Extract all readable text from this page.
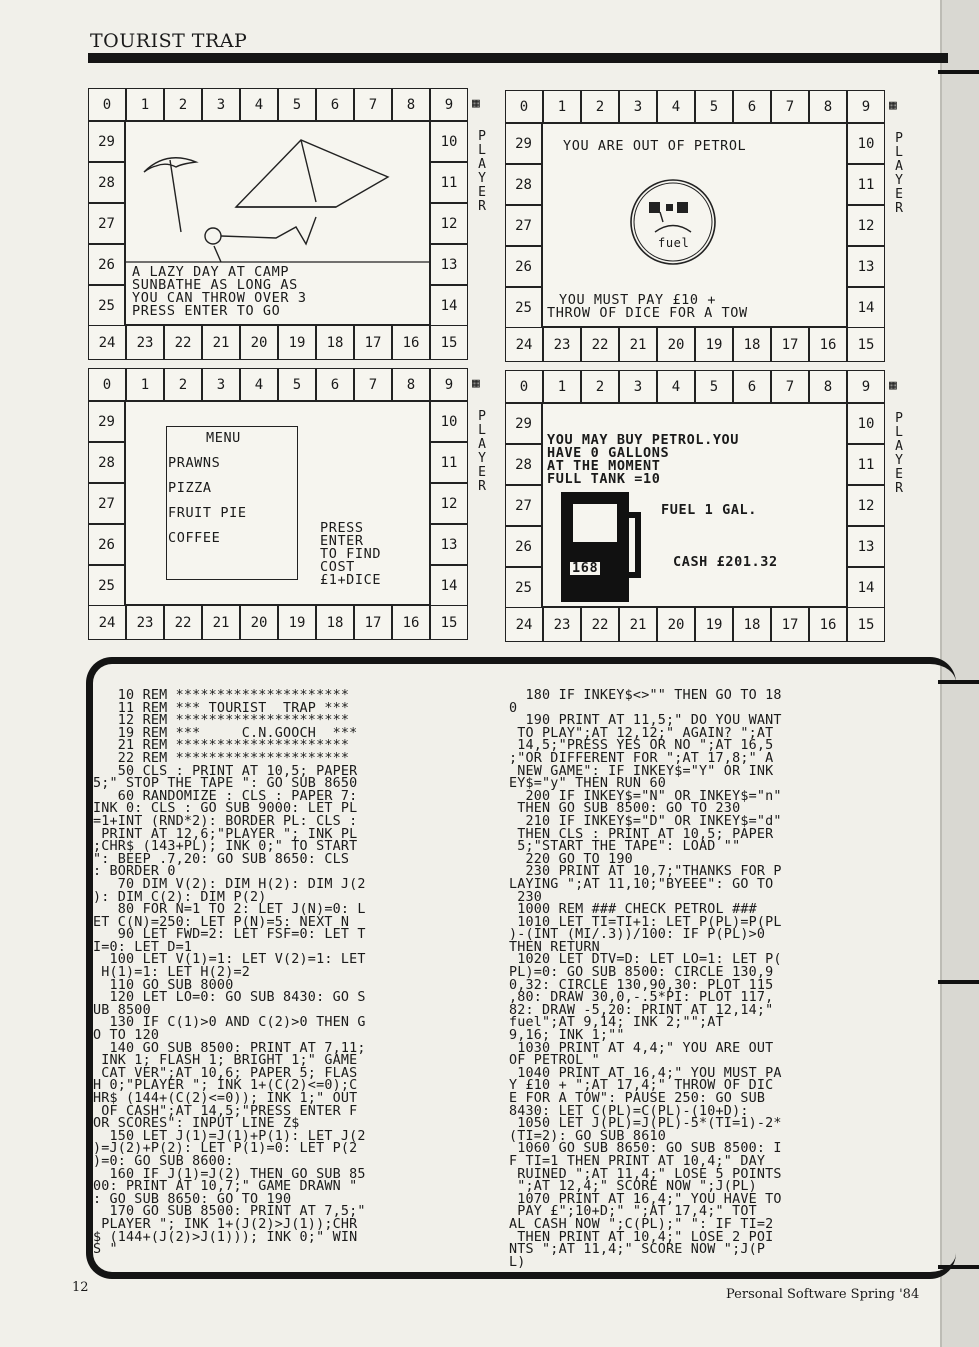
TOURIST TRAP
A LAZY DAY AT CAMP
SUNBATHE AS LONG AS
YOU CAN THROW OVER 3
PRESS ENTER TO GO
0	1	2	3	4	5	6	7	8	9	▦
10
11
12
13
14
24	23	22	21	20	19	18	17	16	15
29
28
27
26
25
P
L
A
Y
E
R
YOU ARE OUT OF PETROL
fuel
YOU MUST PAY £10 +
THROW OF DICE FOR A TOW
0	1	2	3	4	5	6	7	8	9	▦
10
11
12
13
14
24	23	22	21	20	19	18	17	16	15
29
28
27
26
25
P
L
A
Y
E
R
MENU
PRAWNS
PIZZA
FRUIT PIE
COFFEE
PRESS
ENTER
TO FIND
COST
£1+DICE
0	1	2	3	4	5	6	7	8	9	▦
10
11
12
13
14
24	23	22	21	20	19	18	17	16	15
29
28
27
26
25
P
L
A
Y
E
R
YOU MAY BUY PETROL.YOU
HAVE 0 GALLONS
AT THE MOMENT
FULL TANK =10
168
FUEL 1 GAL.
CASH £201.32
0	1	2	3	4	5	6	7	8	9	▦
10
11
12
13
14
24	23	22	21	20	19	18	17	16	15
29
28
27
26
25
P
L
A
Y
E
R
10 REM *********************
11 REM *** TOURIST  TRAP ***
12 REM *********************
19 REM ***     C.N.GOOCH  ***
21 REM *********************
22 REM *********************
50 CLS : PRINT AT 10,5; PAPER
5;" STOP THE TAPE ": GO SUB 8650
60 RANDOMIZE : CLS : PAPER 7:
INK 0: CLS : GO SUB 9000: LET PL
=1+INT (RND*2): BORDER PL: CLS :
PRINT AT 12,6;"PLAYER "; INK PL
;CHR$ (143+PL); INK 0;" TO START
": BEEP .7,20: GO SUB 8650: CLS
: BORDER 0
70 DIM V(2): DIM H(2): DIM J(2
): DIM C(2): DIM P(2)
80 FOR N=1 TO 2: LET J(N)=0: L
ET C(N)=250: LET P(N)=5: NEXT N
90 LET FWD=2: LET FSF=0: LET T
I=0: LET D=1
100 LET V(1)=1: LET V(2)=1: LET
H(1)=1: LET H(2)=2
110 GO SUB 8000
120 LET LO=0: GO SUB 8430: GO S
UB 8500
130 IF C(1)>0 AND C(2)>0 THEN G
O TO 120
140 GO SUB 8500: PRINT AT 7,11;
INK 1; FLASH 1; BRIGHT 1;" GAME
CAT VER";AT 10,6; PAPER 5; FLAS
H 0;"PLAYER "; INK 1+(C(2)<=0);C
HR$ (144+(C(2)<=0)); INK 1;" OUT
OF CASH";AT 14,5;"PRESS ENTER F
OR SCORES": INPUT LINE Z$
150 LET J(1)=J(1)+P(1): LET J(2
)=J(2)+P(2): LET P(1)=0: LET P(2
)=0: GO SUB 8600:
160 IF J(1)=J(2) THEN GO SUB 85
00: PRINT AT 10,7;" GAME DRAWN "
: GO SUB 8650: GO TO 190
170 GO SUB 8500: PRINT AT 7,5;"
PLAYER "; INK 1+(J(2)>J(1));CHR
$ (144+(J(2)>J(1))); INK 0;" WIN
S "
180 IF INKEY$<>"" THEN GO TO 18
0
190 PRINT AT 11,5;" DO YOU WANT
TO PLAY";AT 12,12;" AGAIN? ";AT
14,5;"PRESS YES OR NO ";AT 16,5
;"OR DIFFERENT FOR ";AT 17,8;" A
NEW GAME": IF INKEY$="Y" OR INK
EY$="y" THEN RUN 60
200 IF INKEY$="N" OR INKEY$="n"
THEN GO SUB 8500: GO TO 230
210 IF INKEY$="D" OR INKEY$="d"
THEN CLS : PRINT AT 10,5; PAPER
5;"START THE TAPE": LOAD ""
220 GO TO 190
230 PRINT AT 10,7;"THANKS FOR P
LAYING ";AT 11,10;"BYEEE": GO TO
230
1000 REM ### CHECK PETROL ###
1010 LET TI=TI+1: LET P(PL)=P(PL
)-(INT (MI/.3))/100: IF P(PL)>0
THEN RETURN
1020 LET DTV=D: LET LO=1: LET P(
PL)=0: GO SUB 8500: CIRCLE 130,9
0,32: CIRCLE 130,90,30: PLOT 115
,80: DRAW 30,0,-.5*PI: PLOT 117,
82: DRAW -5,20: PRINT AT 12,14;"
fuel";AT 9,14; INK 2;"";AT
9,16; INK 1;""
1030 PRINT AT 4,4;" YOU ARE OUT
OF PETROL "
1040 PRINT AT 16,4;" YOU MUST PA
Y £10 + ";AT 17,4;" THROW OF DIC
E FOR A TOW": PAUSE 250: GO SUB
8430: LET C(PL)=C(PL)-(10+D):
1050 LET J(PL)=J(PL)-5*(TI=1)-2*
(TI=2): GO SUB 8610
1060 GO SUB 8650: GO SUB 8500: I
F TI=1 THEN PRINT AT 10,4;" DAY
RUINED ";AT 11,4;" LOSE 5 POINTS
";AT 12,4;" SCORE NOW ";J(PL)
1070 PRINT AT 16,4;" YOU HAVE TO
PAY £";10+D;" ";AT 17,4;" TOT
AL CASH NOW ";C(PL);" ": IF TI=2
THEN PRINT AT 10,4;" LOSE 2 POI
NTS ";AT 11,4;" SCORE NOW ";J(P
L)
12	Personal Software Spring '84
